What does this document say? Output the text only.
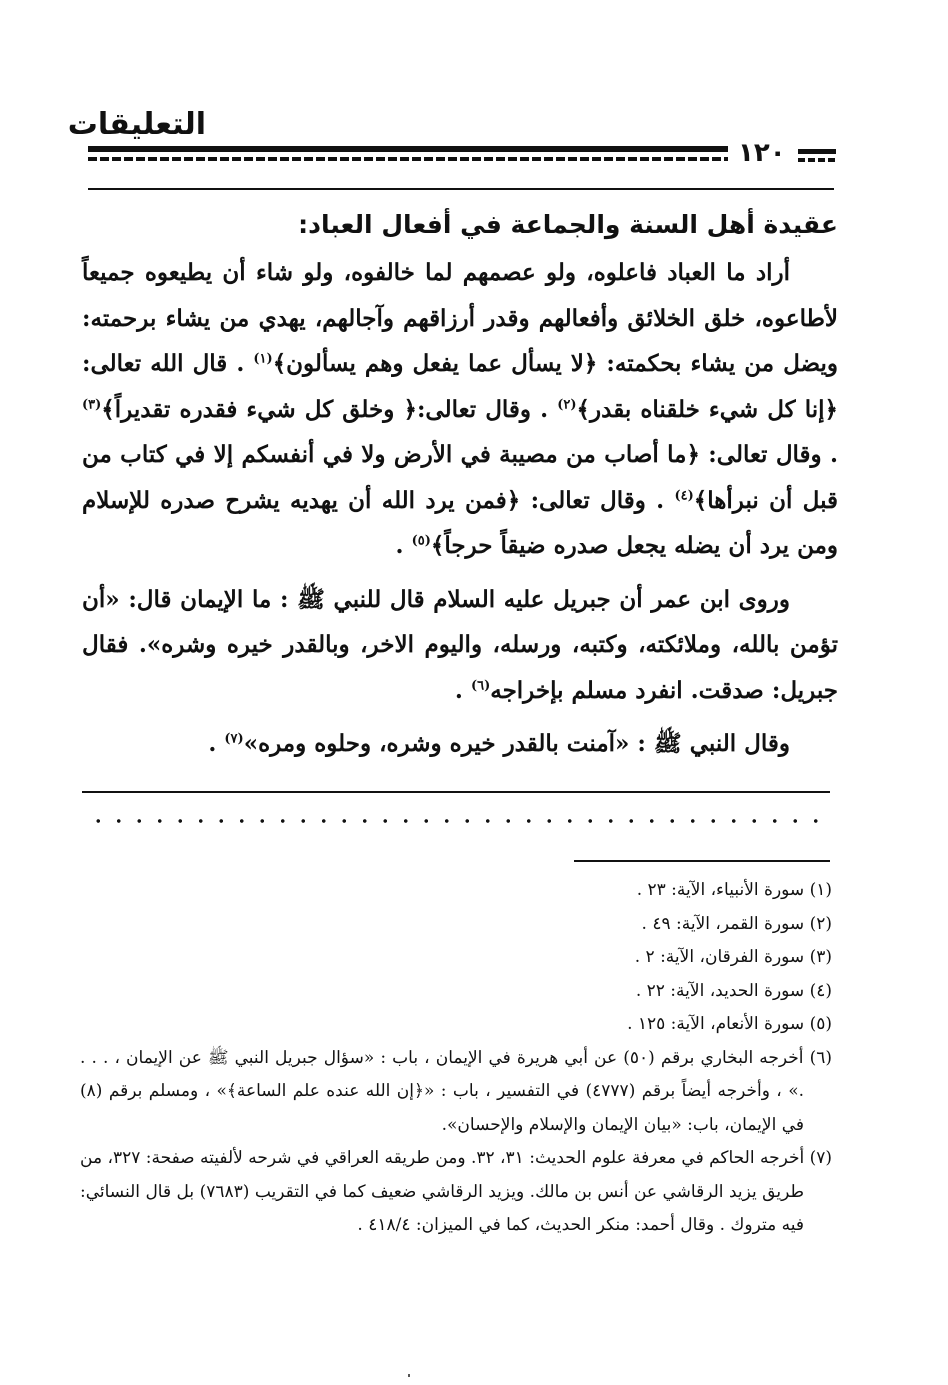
التعليقات
١٢٠
عقيدة أهل السنة والجماعة في أفعال العباد:

أراد ما العباد فاعلوه، ولو عصمهم لما خالفوه، ولو شاء أن يطيعوه جميعاً لأطاعوه، خلق الخلائق وأفعالهم وقدر أرزاقهم وآجالهم، يهدي من يشاء برحمته: ويضل من يشاء بحكمته: ﴿لا يسأل عما يفعل وهم يسألون﴾$^{(١)}$ . قال الله تعالى: ﴿إنا كل شيء خلقناه بقدر﴾$^{(٢)}$ . وقال تعالى:﴿ وخلق كل شيء فقدره تقديراً﴾$^{(٣)}$ . وقال تعالى: ﴿ما أصاب من مصيبة في الأرض ولا في أنفسكم إلا في كتاب من قبل أن نبرأها﴾$^{(٤)}$ . وقال تعالى: ﴿فمن يرد الله أن يهديه يشرح صدره للإسلام ومن يرد أن يضله يجعل صدره ضيقاً حرجاً﴾$^{(٥)}$ .

وروى ابن عمر أن جبريل عليه السلام قال للنبي ﷺ : ما الإيمان قال: «أن تؤمن بالله، وملائكته، وكتبه، ورسله، واليوم الاخر، وبالقدر خيره وشره». فقال جبريل: صدقت. انفرد مسلم بإخراجه$^{(٦)}$ .

وقال النبي ﷺ : «آمنت بالقدر خيره وشره، وحلوه ومره»$^{(٧)}$ .

(١) سورة الأنبياء، الآية: ٢٣ .

(٢) سورة القمر، الآية: ٤٩ .

(٣) سورة الفرقان، الآية: ٢ .

(٤) سورة الحديد، الآية: ٢٢ .

(٥) سورة الأنعام، الآية: ١٢٥ .

(٦) أخرجه البخاري برقم (٥٠) عن أبي هريرة في الإيمان ، باب : «سؤال جبريل النبي ﷺ عن الإيمان ، . . . .» ، وأخرجه أيضاً برقم (٤٧٧٧) في التفسير ، باب : «﴿إن الله عنده علم الساعة﴾» ، ومسلم برقم (٨) في الإيمان، باب: «بيان الإيمان والإسلام والإحسان».

(٧) أخرجه الحاكم في معرفة علوم الحديث: ٣١، ٣٢. ومن طريقه العراقي في شرحه لألفيته صفحة: ٣٢٧، من طريق يزيد الرقاشي عن أنس بن مالك. ويزيد الرقاشي ضعيف كما في التقريب (٧٦٨٣) بل قال النسائي: فيه متروك . وقال أحمد: منكر الحديث، كما في الميزان: ٤١٨/٤ .
